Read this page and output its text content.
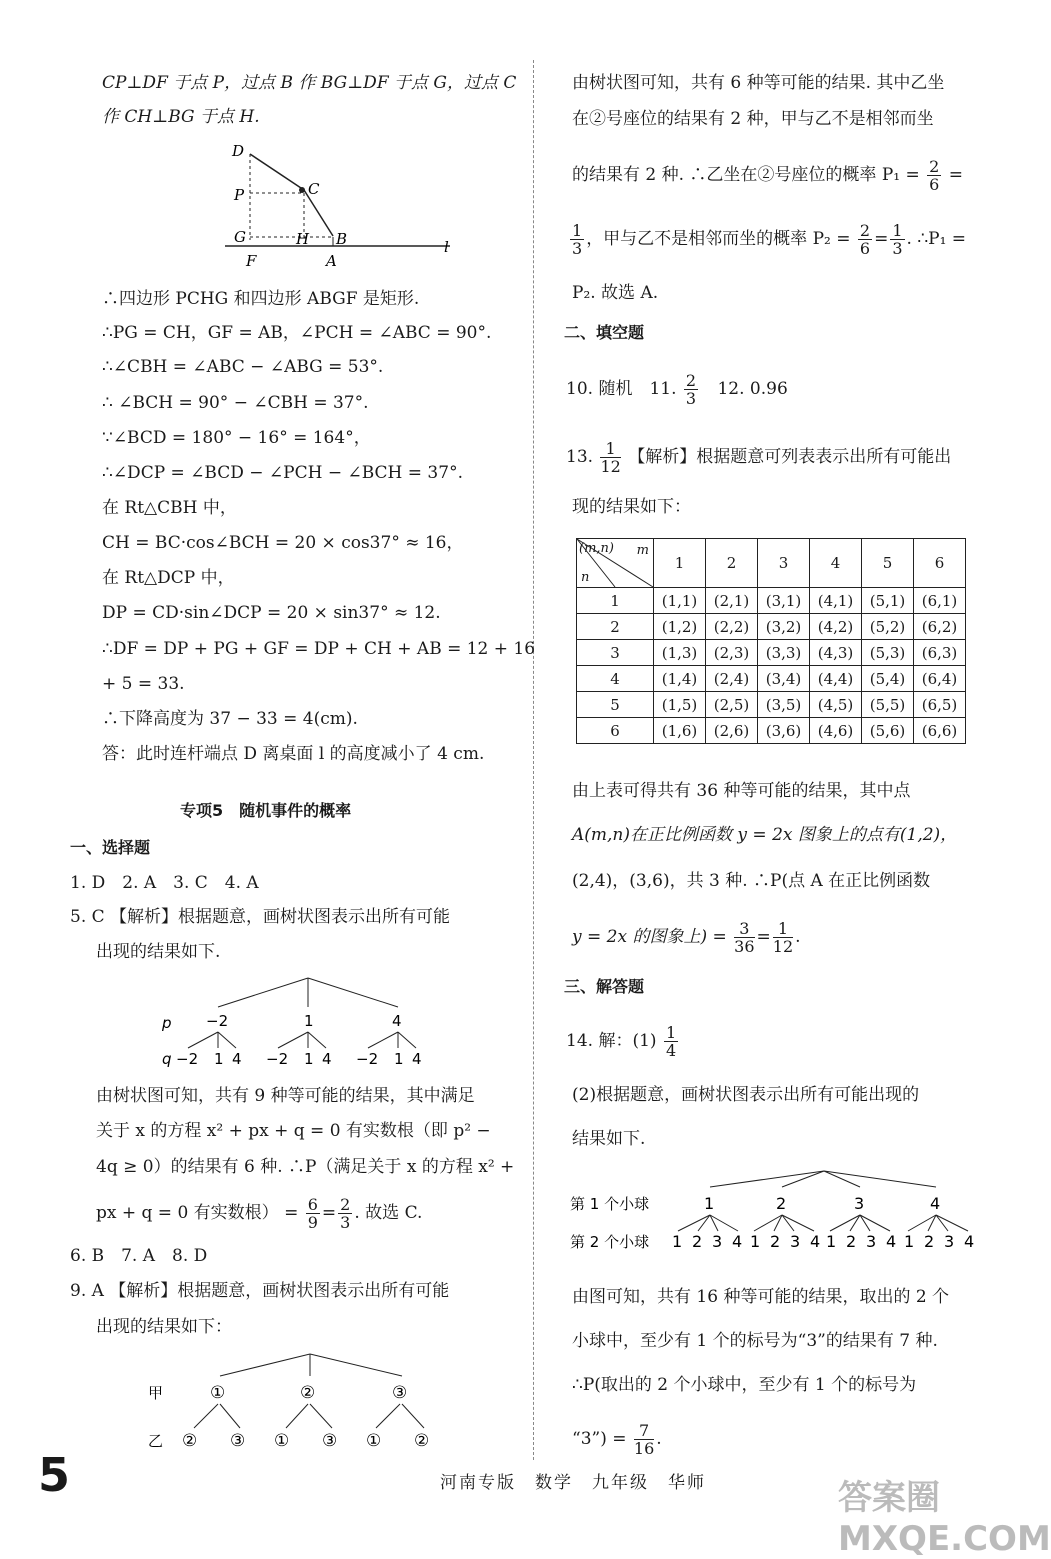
CP⊥DF 于点 P，过点 B 作 BG⊥DF 于点 G，过点 C
作 CH⊥BG 于点 H.
D
P	C
G	H B	l
F	A
∴四边形 PCHG 和四边形 ABGF 是矩形.
∴PG = CH，GF = AB，∠PCH = ∠ABC = 90°.
∴∠CBH = ∠ABC − ∠ABG = 53°.
∴ ∠BCH = 90° − ∠CBH = 37°.
∵∠BCD = 180° − 16° = 164°，
∴∠DCP = ∠BCD − ∠PCH − ∠BCH = 37°.
在 Rt△CBH 中，
CH = BC·cos∠BCH = 20 × cos37° ≈ 16，
在 Rt△DCP 中，
DP = CD·sin∠DCP = 20 × sin37° ≈ 12.
∴DF = DP + PG + GF = DP + CH + AB = 12 + 16
+ 5 = 33.
∴下降高度为 37 − 33 = 4(cm).
答：此时连杆端点 D 离桌面 l 的高度减小了 4 cm.
专项5　随机事件的概率
一、选择题
1. D　2. A　3. C　4. A
5. C 【解析】根据题意，画树状图表示出所有可能
出现的结果如下.
p −2	1	4
q −2 1 4 −2 1 4 −2 1 4
由树状图可知，共有 9 种等可能的结果，其中满足
关于 x 的方程 x² + px + q = 0 有实数根（即 p² −
4q ≥ 0）的结果有 6 种. ∴P（满足关于 x 的方程 x² +
px + q = 0 有实数根） = $\frac{6}{9} = \frac{2}{3}$ . 故选 C.
6. B　7. A　8. D
9. A 【解析】根据题意，画树状图表示出所有可能
出现的结果如下：
甲	①	②	③
乙 ② ③ ① ③ ① ②
由树状图可知，共有 6 种等可能的结果. 其中乙坐
在②号座位的结果有 2 种，甲与乙不是相邻而坐
的结果有 2 种. ∴乙坐在②号座位的概率 $P_1 = \frac{2}{6}$ =
$\frac{1}{3}$ ，甲与乙不是相邻而坐的概率 $P_2 = \frac{2}{6} = \frac{1}{3}$ . ∴P₁ =
P₂. 故选 A.
二、填空题
10. 随机　11. $\frac{2}{3} 12$. 0.96
13. $\frac{1}{12}$ 【解析】根据题意可列表表示出所有可能出
现的结果如下：
(m,n) m
n	1	2	3	4	5	6
1	(1,1)	(2,1)	(3,1)	(4,1)	(5,1)	(6,1)
2	(1,2)	(2,2)	(3,2)	(4,2)	(5,2)	(6,2)
3	(1,3)	(2,3)	(3,3)	(4,3)	(5,3)	(6,3)
4	(1,4)	(2,4)	(3,4)	(4,4)	(5,4)	(6,4)
5	(1,5)	(2,5)	(3,5)	(4,5)	(5,5)	(6,5)
6	(1,6)	(2,6)	(3,6)	(4,6)	(5,6)	(6,6)
由上表可得共有 36 种等可能的结果，其中点
A(m,n)在正比例函数 y = 2x 图象上的点有(1,2)，
(2,4)，(3,6)，共 3 种. ∴P(点 A 在正比例函数
y = 2x 的图象上) = $\frac{3}{36} = \frac{1}{12}$ .
三、解答题
14. 解：$(1) \frac{1}{4}$
(2)根据题意，画树状图表示出所有可能出现的
结果如下.
第 1 个小球	1	2	3	4
第 2 个小球 1 2 3 4 1 2 3 4 1 2 3 4 1 2 3 4
由图可知，共有 16 种等可能的结果，取出的 2 个
小球中，至少有 1 个的标号为“3”的结果有 7 种.
∴P(取出的 2 个小球中，至少有 1 个的标号为
“3”) = $\frac{7}{16}$ .
5	河南专版　数学　九年级　华师	答案圈 MXQE.COM
